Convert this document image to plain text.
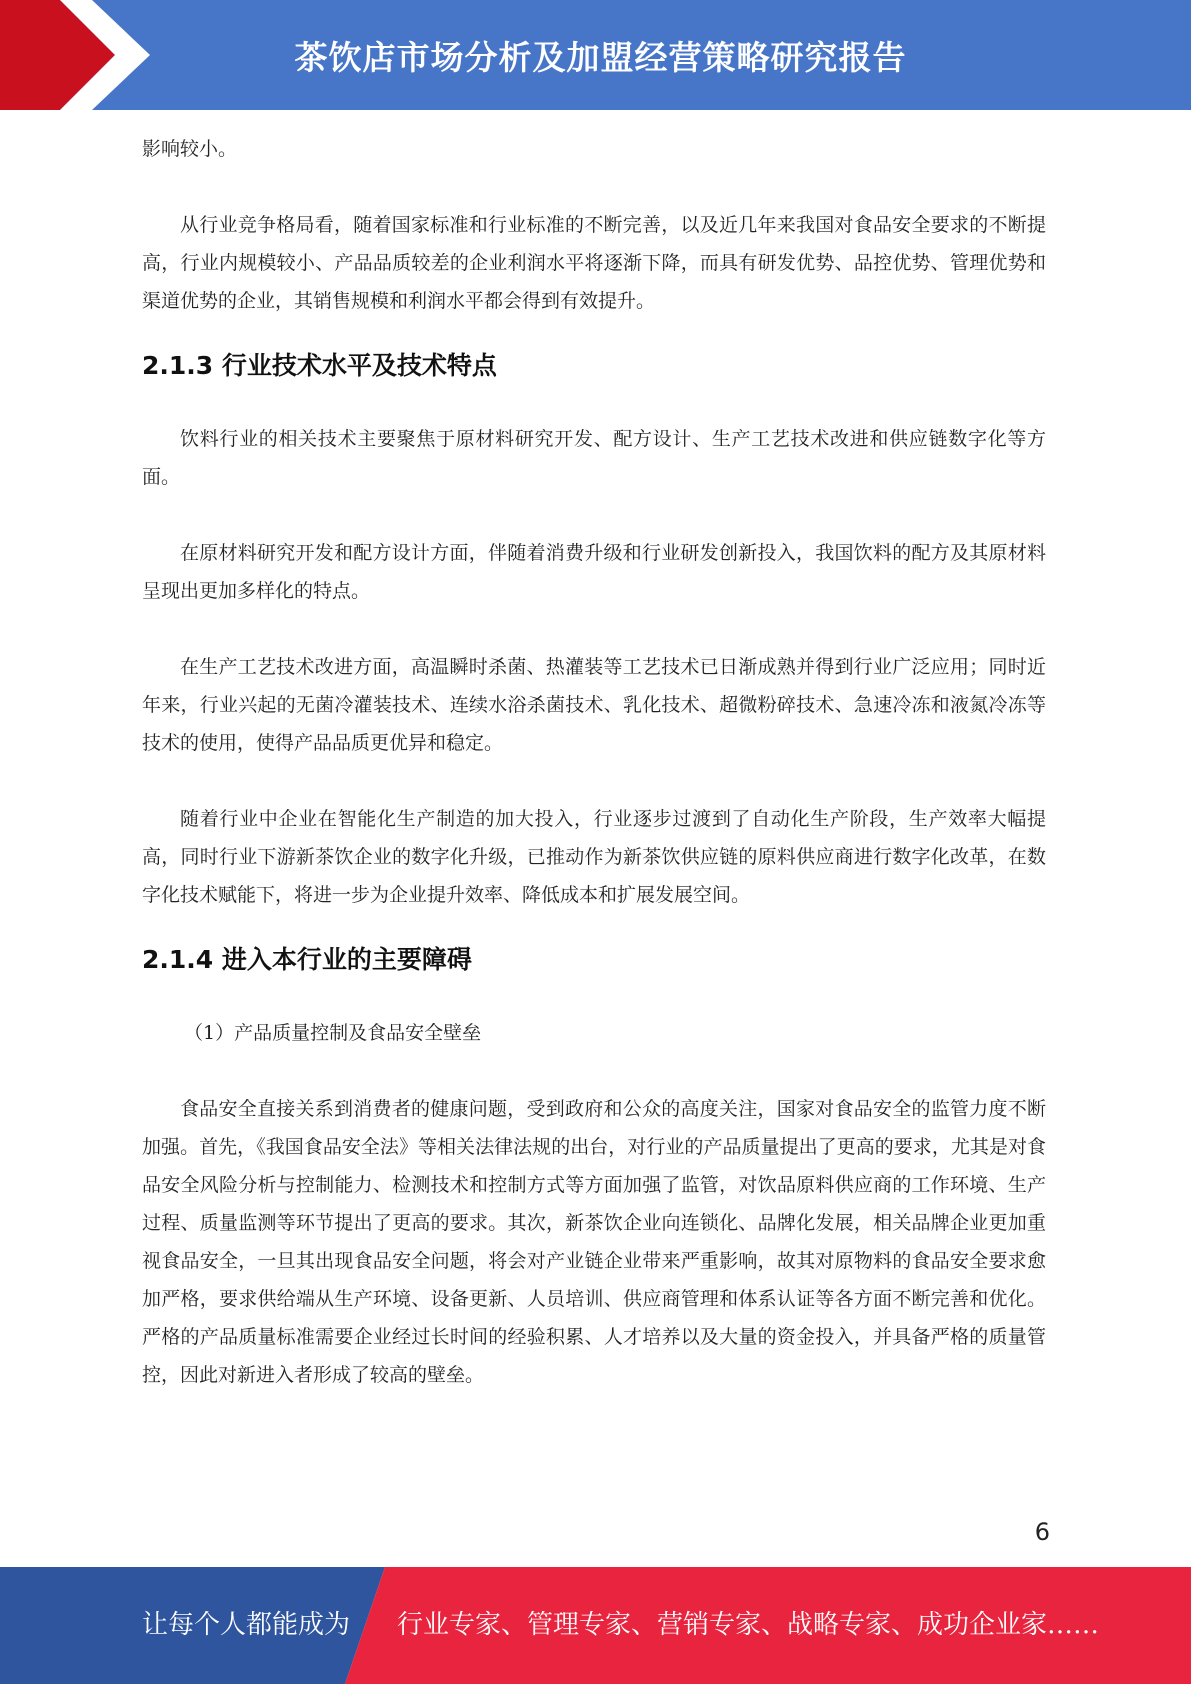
茶饮店市场分析及加盟经营策略研究报告

影响较小。

从行业竞争格局看，随着国家标准和行业标准的不断完善，以及近几年来我国对食品安全要求的不断提高，行业内规模较小、产品品质较差的企业利润水平将逐渐下降，而具有研发优势、品控优势、管理优势和渠道优势的企业，其销售规模和利润水平都会得到有效提升。

2.1.3 行业技术水平及技术特点

饮料行业的相关技术主要聚焦于原材料研究开发、配方设计、生产工艺技术改进和供应链数字化等方面。

在原材料研究开发和配方设计方面，伴随着消费升级和行业研发创新投入，我国饮料的配方及其原材料呈现出更加多样化的特点。

在生产工艺技术改进方面，高温瞬时杀菌、热灌装等工艺技术已日渐成熟并得到行业广泛应用；同时近年来，行业兴起的无菌冷灌装技术、连续水浴杀菌技术、乳化技术、超微粉碎技术、急速冷冻和液氮冷冻等技术的使用，使得产品品质更优异和稳定。

随着行业中企业在智能化生产制造的加大投入，行业逐步过渡到了自动化生产阶段，生产效率大幅提高，同时行业下游新茶饮企业的数字化升级，已推动作为新茶饮供应链的原料供应商进行数字化改革，在数字化技术赋能下，将进一步为企业提升效率、降低成本和扩展发展空间。

2.1.4 进入本行业的主要障碍

（1）产品质量控制及食品安全壁垒

食品安全直接关系到消费者的健康问题，受到政府和公众的高度关注，国家对食品安全的监管力度不断加强。首先，《我国食品安全法》等相关法律法规的出台，对行业的产品质量提出了更高的要求，尤其是对食品安全风险分析与控制能力、检测技术和控制方式等方面加强了监管，对饮品原料供应商的工作环境、生产过程、质量监测等环节提出了更高的要求。其次，新茶饮企业向连锁化、品牌化发展，相关品牌企业更加重视食品安全，一旦其出现食品安全问题，将会对产业链企业带来严重影响，故其对原物料的食品安全要求愈加严格，要求供给端从生产环境、设备更新、人员培训、供应商管理和体系认证等各方面不断完善和优化。严格的产品质量标准需要企业经过长时间的经验积累、人才培养以及大量的资金投入，并具备严格的质量管控，因此对新进入者形成了较高的壁垒。

6
让每个人都能成为 行业专家、管理专家、营销专家、战略专家、成功企业家……
